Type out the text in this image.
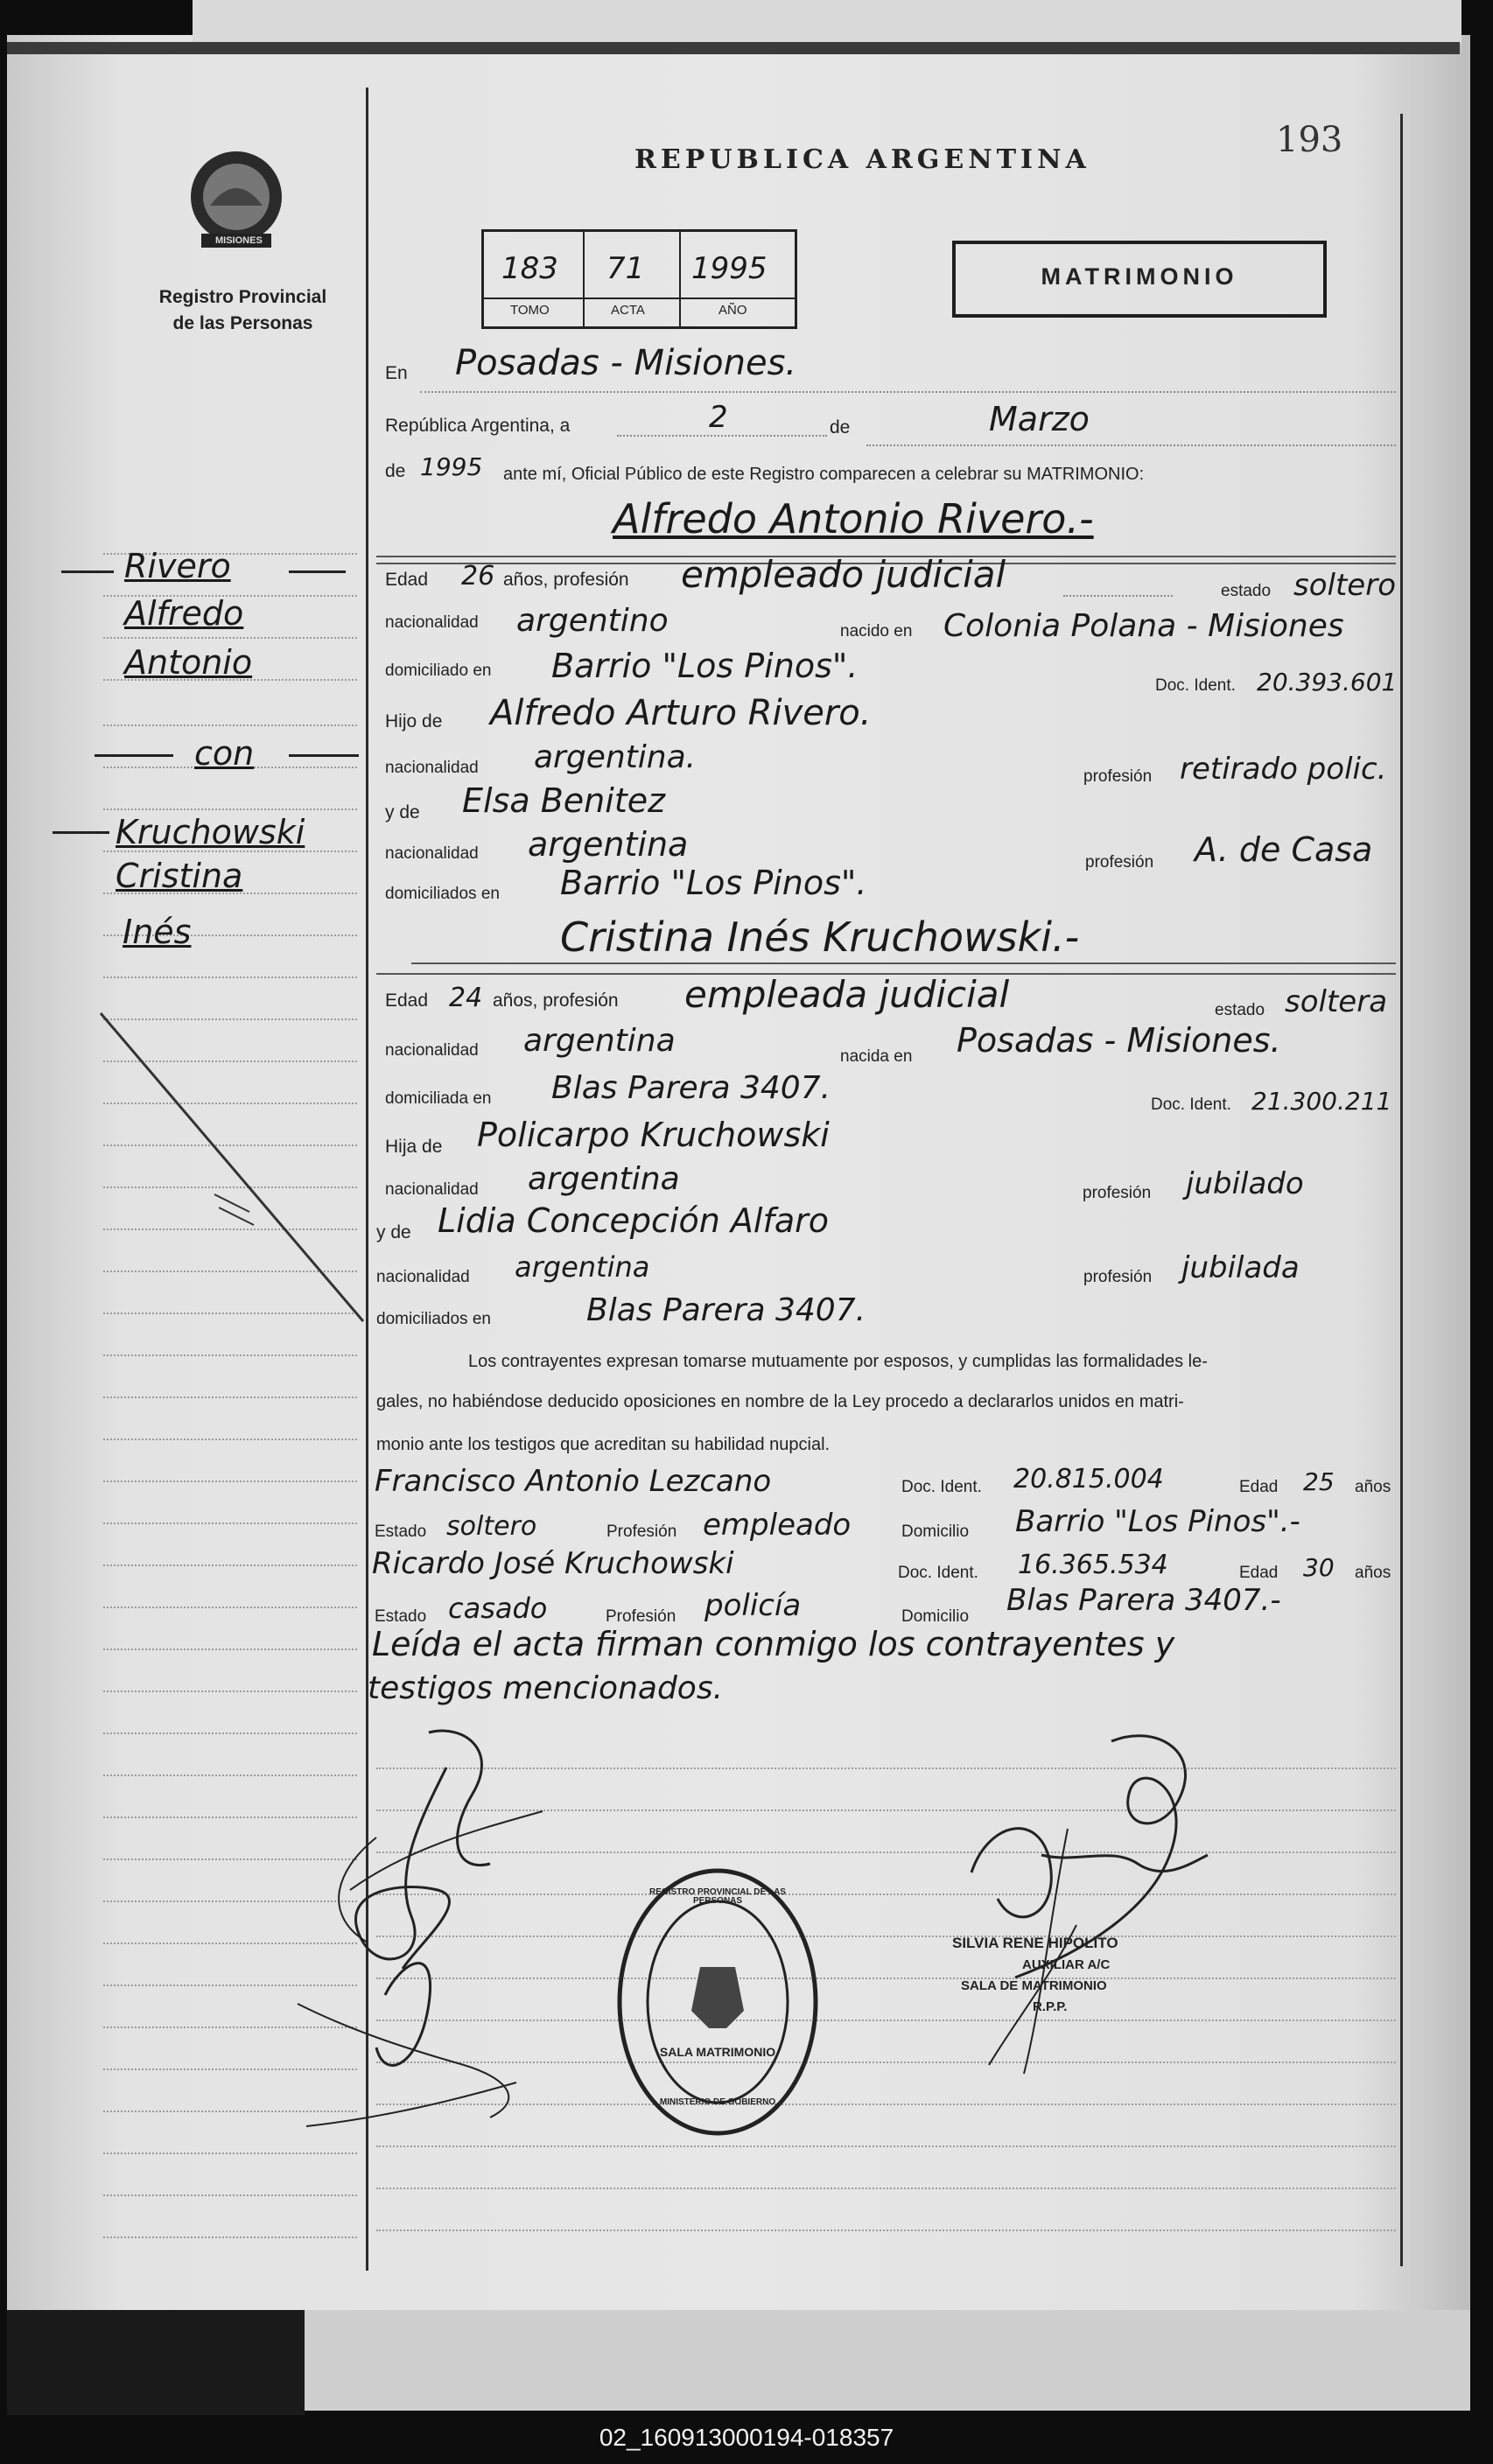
193
MISIONES
Registro Provincial
de las Personas
REPUBLICA ARGENTINA
183 71 1995
TOMO	ACTA	AÑO
MATRIMONIO
Rivero
Alfredo
Antonio
con
Kruchowski
Cristina
Inés
En Posadas - Misiones.
República Argentina, a	2	de	Marzo
de 1995 ante mí, Oficial Público de este Registro comparecen a celebrar su MATRIMONIO:
Alfredo Antonio Rivero.-
Edad 26 años, profesión empleado judicial	estado soltero
nacionalidad argentino	nacido en Colonia Polana - Misiones
domiciliado en Barrio "Los Pinos".
Doc. Ident. 20.393.601
Hijo de Alfredo Arturo Rivero.
nacionalidad argentina.
profesión retirado polic.
y de Elsa Benitez
nacionalidad argentina	profesión A. de Casa
domiciliados en Barrio "Los Pinos".
Cristina Inés Kruchowski.-
Edad 24 años, profesión empleada judicial	estado soltera
nacionalidad argentina	nacida en Posadas - Misiones.
domiciliada en Blas Parera 3407.	Doc. Ident. 21.300.211
Hija de Policarpo Kruchowski
nacionalidad argentina	profesión jubilado
y de Lidia Concepción Alfaro
nacionalidad argentina	profesión jubilada
domiciliados en	Blas Parera 3407.
Los contrayentes expresan tomarse mutuamente por esposos, y cumplidas las formalidades le-
gales, no habiéndose deducido oposiciones en nombre de la Ley procedo a declararlos unidos en matri-
monio ante los testigos que acreditan su habilidad nupcial.
Francisco Antonio Lezcano	Doc. Ident. 20.815.004	Edad 25 años
Estado soltero	Profesión empleado	Domicilio Barrio "Los Pinos".-
Ricardo José Kruchowski	Doc. Ident. 16.365.534	Edad 30 años
Estado casado	Profesión policía	Domicilio Blas Parera 3407.-
Leída el acta firman conmigo los contrayentes y
testigos mencionados.
REGISTRO PROVINCIAL DE LAS PERSONAS
SALA MATRIMONIO
MINISTERIO DE GOBIERNO
SILVIA RENE HIPOLITO
AUXILIAR A/C
SALA DE MATRIMONIO
R.P.P.
02_160913000194-018357
